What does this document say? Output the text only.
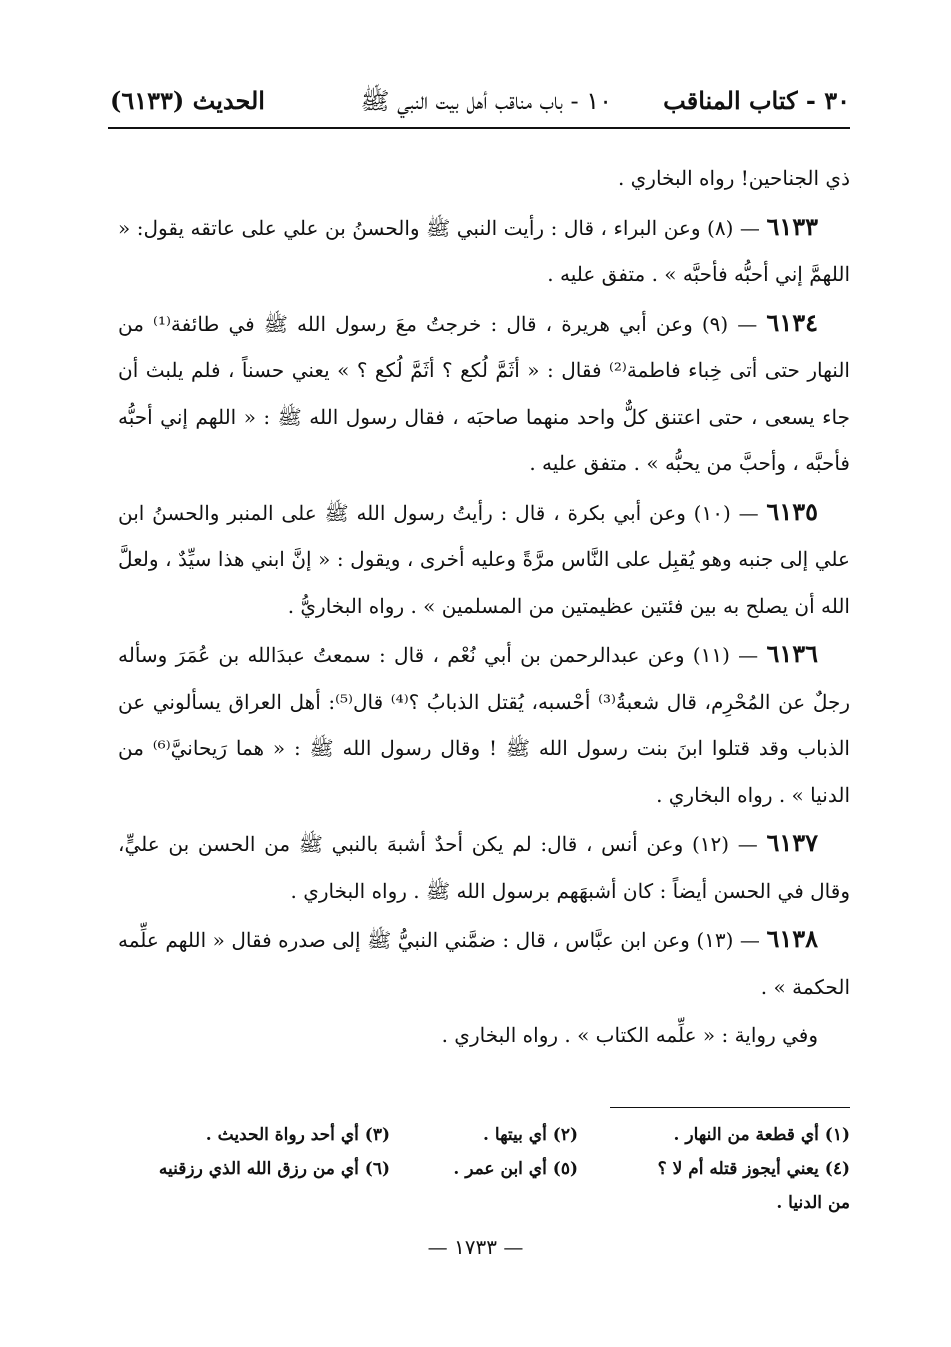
٣٠ - كتاب المناقب
١٠ - باب مناقب أهل بيت النبي ﷺ
الحديث (٦١٣٣)

ذي الجناحين! رواه البخاري .

٦١٣٣ — (٨) وعن البراء ، قال : رأيت النبي ﷺ والحسنُ بن علي على عاتقه يقول: « اللهمَّ إني أحبُّه فأحبَّه » . متفق عليه .

٦١٣٤ — (٩) وعن أبي هريرة ، قال : خرجتُ معَ رسول الله ﷺ في طائفة⁽¹⁾ من النهار حتى أتى خِباء فاطمة⁽²⁾ فقال : « أثَمَّ لُكع ؟ أثَمَّ لُكع ؟ » يعني حسناً ، فلم يلبث أن جاء يسعى ، حتى اعتنق كلٌّ واحد منهما صاحبَه ، فقال رسول الله ﷺ : « اللهم إني أحبُّه فأحبَّه ، وأحبَّ من يحبُّه » . متفق عليه .

٦١٣٥ — (١٠) وعن أبي بكرة ، قال : رأيتُ رسول الله ﷺ على المنبر والحسنُ ابن علي إلى جنبه وهو يُقبِل على النَّاس مرَّةً وعليه أخرى ، ويقول : « إنَّ ابني هذا سيِّدٌ ، ولعلَّ الله أن يصلح به بين فئتين عظيمتين من المسلمين » . رواه البخاريُّ .

٦١٣٦ — (١١) وعن عبدالرحمن بن أبي نُعْم ، قال : سمعتُ عبدَالله بن عُمَرَ وسأله رجلٌ عن المُحْرِم، قال شعبةُ⁽³⁾ أحْسبه، يُقتل الذبابُ ؟⁽⁴⁾ قال⁽⁵⁾: أهل العراق يسألوني عن الذباب وقد قتلوا ابنَ بنت رسول الله ﷺ ! وقال رسول الله ﷺ : « هما رَيحانيَّ⁽⁶⁾ من الدنيا » . رواه البخاري .

٦١٣٧ — (١٢) وعن أنس ، قال: لم يكن أحدٌ أشبهَ بالنبي ﷺ من الحسن بن عليٍّ، وقال في الحسن أيضاً : كان أشبهَهم برسول الله ﷺ . رواه البخاري .

٦١٣٨ — (١٣) وعن ابن عبَّاس ، قال : ضمَّني النبيُّ ﷺ إلى صدره فقال « اللهم علِّمه الحكمة » .

وفي رواية : « علِّمه الكتاب » . رواه البخاري .

(١) أي قطعة من النهار .
(٢) أي بيتها .
(٣) أي أحد رواة الحديث .
(٤) يعني أيجوز قتله أم لا ؟
(٥) أي ابن عمر .
(٦) أي من رزق الله الذي رزقنيه
من الدنيا .
— ١٧٣٣ —
